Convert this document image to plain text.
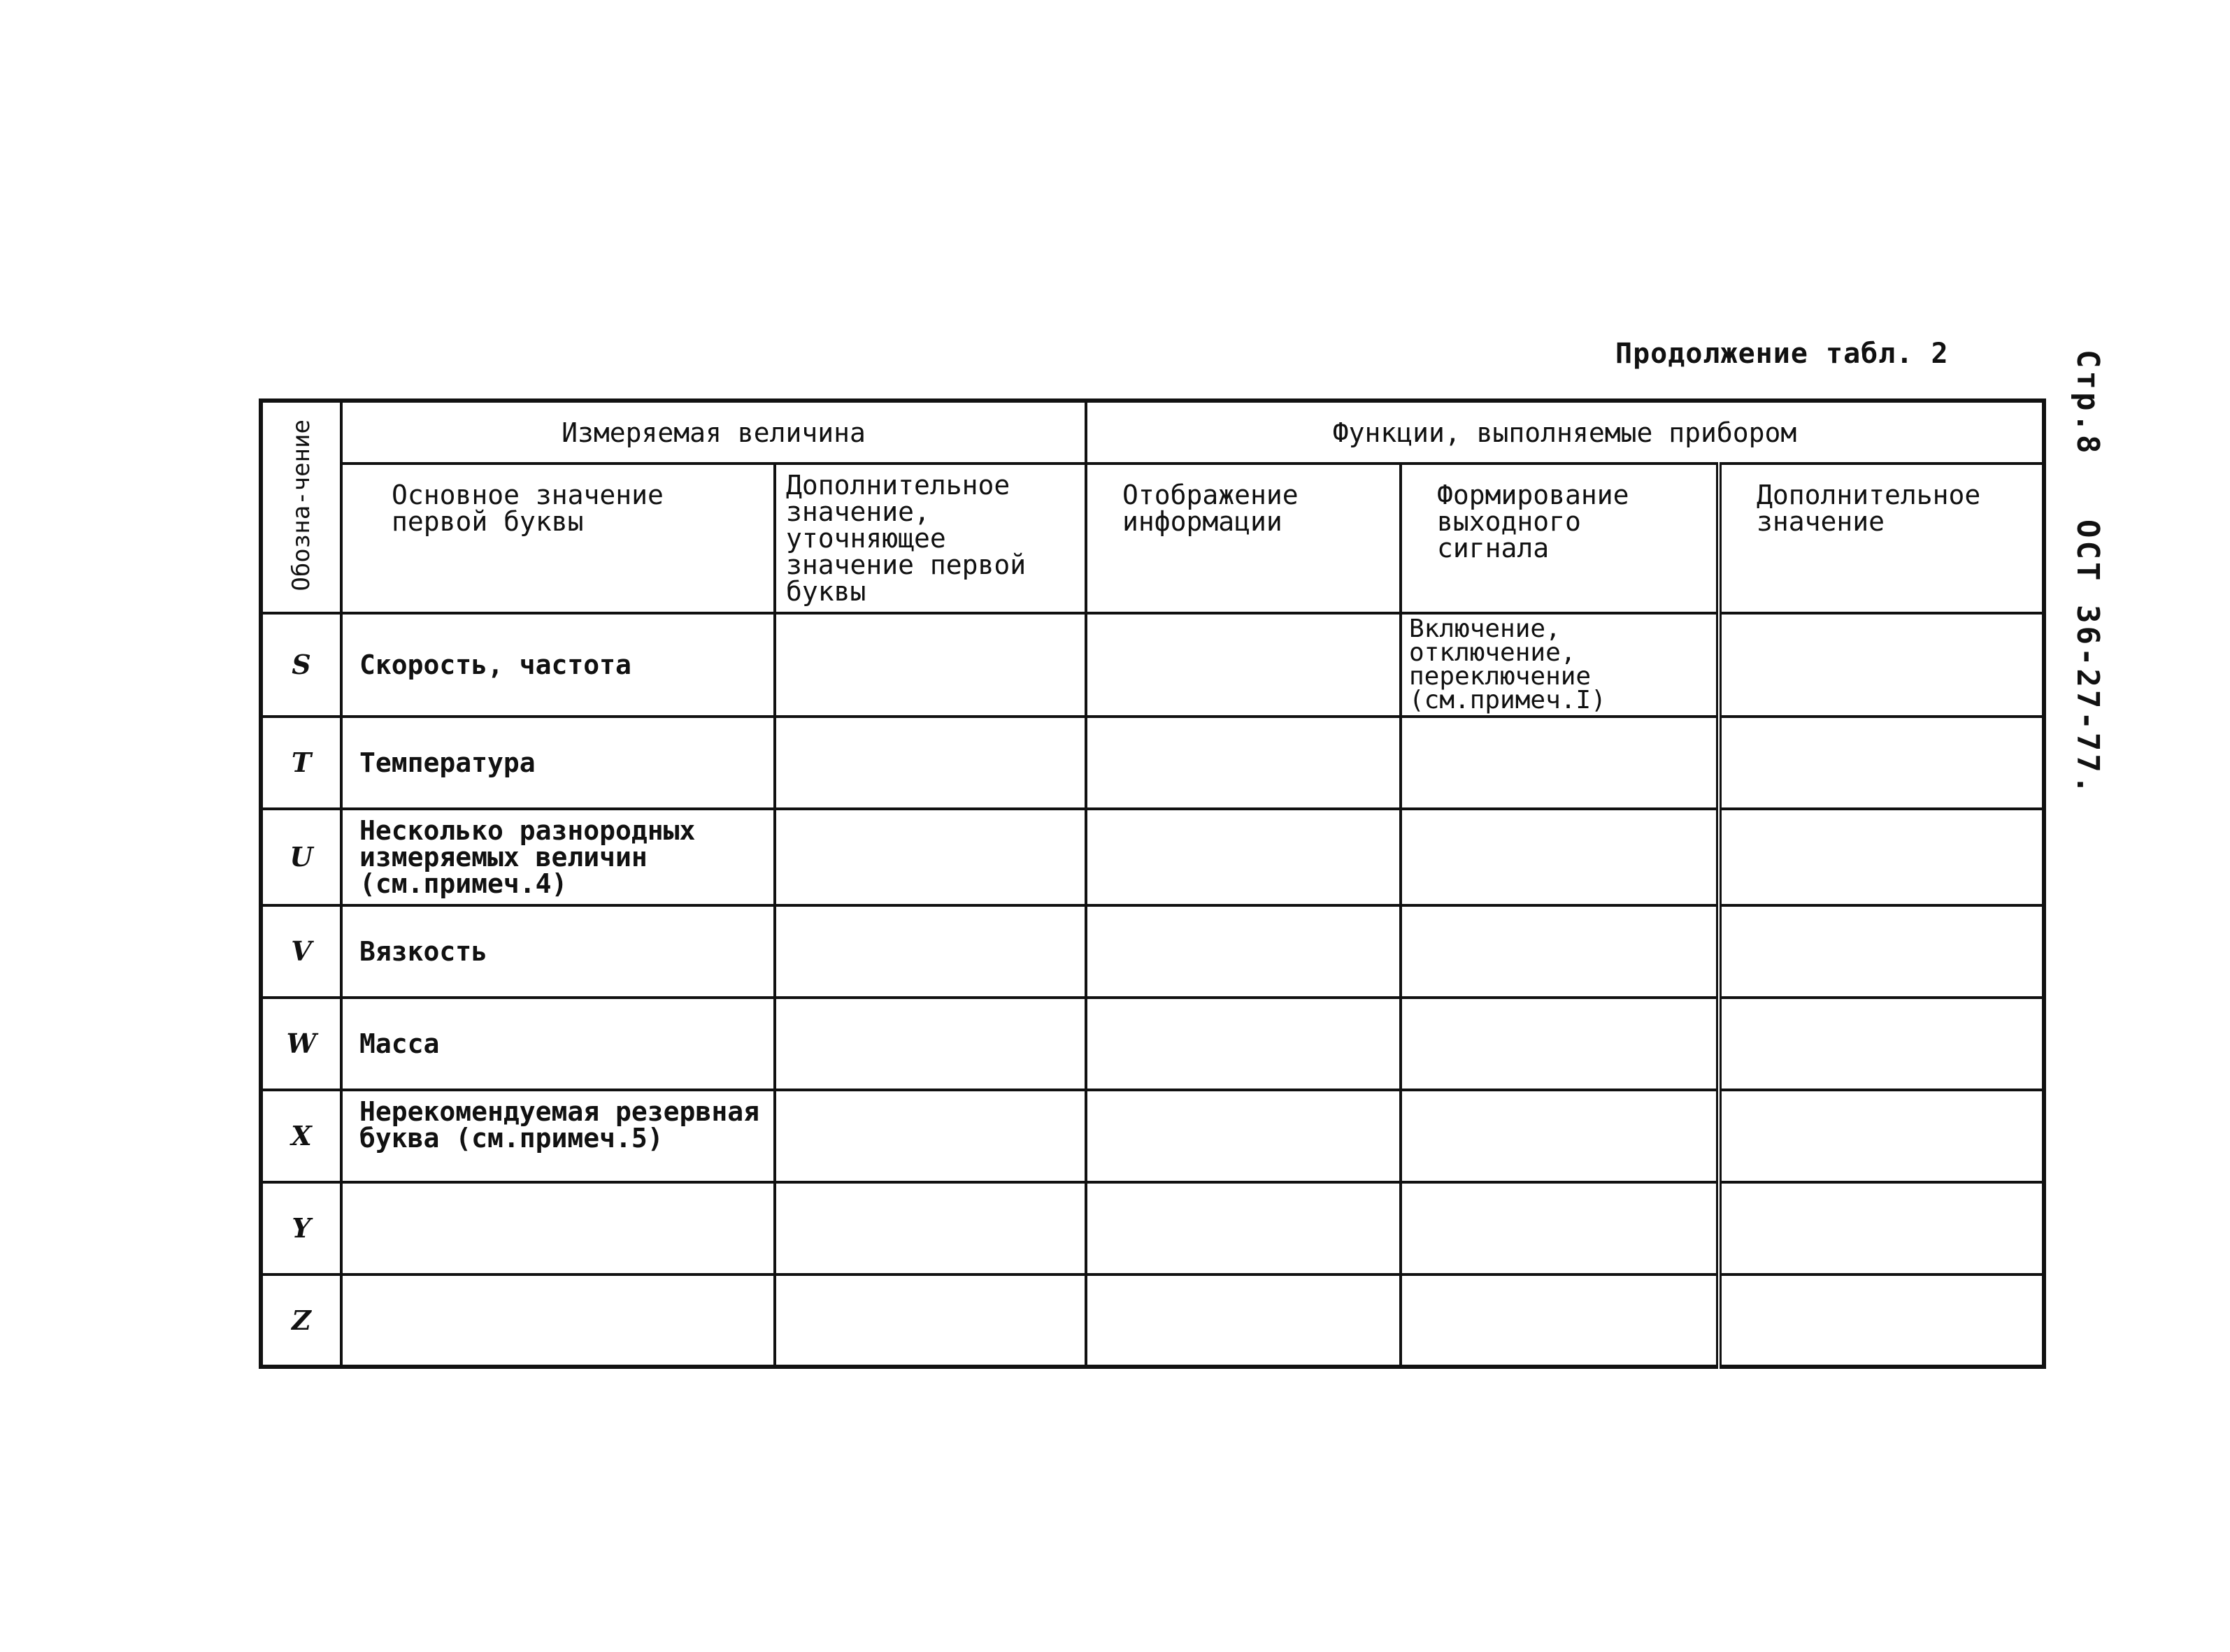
Продолжение табл. 2	Стр.8 ОСТ 36-27-77.
Обозна-чение	Измеряемая величина		Функции, выполняемые прибором		
	Основное значение первой буквы	Дополнительное значение, уточняющее значение первой буквы	Отображение информации	Формирование выходного сигнала	Дополнительное значение
S	Скорость, частота			Включение, отключение, переключение (см.примеч.I)	
T	Температура				
U	Несколько разнородных измеряемых величин (см.примеч.4)				
V	Вязкость				
W	Масса				
X	Нерекомендуемая резервная буква (см.примеч.5)				
Y					
Z					
